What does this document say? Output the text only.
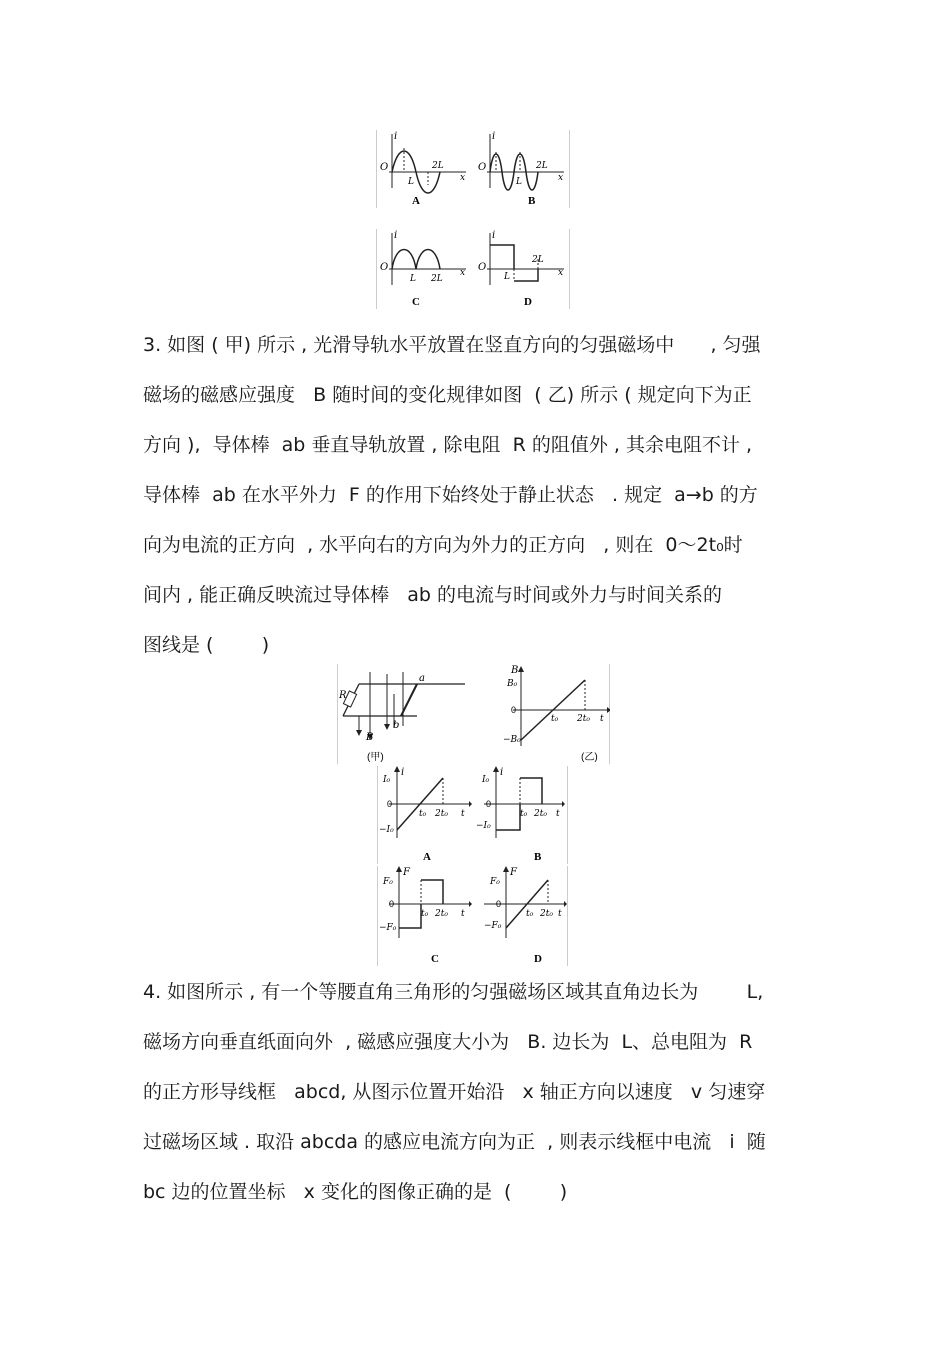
O
i
L
2L
x
A
O
i
L
2L
x
B
O
i
L 2L
x
C
O
i
L
2L
x
D
3. 如图 ( 甲) 所示 , 光滑导轨水平放置在竖直方向的匀强磁场中      , 匀强
磁场的磁感应强度   B 随时间的变化规律如图  ( 乙) 所示 ( 规定向下为正
方向 ),  导体棒  ab 垂直导轨放置 , 除电阻  R 的阻值外 , 其余电阻不计 ,
导体棒  ab 在水平外力  F 的作用下始终处于静止状态   . 规定  a→b 的方
向为电流的正方向  , 水平向右的方向为外力的正方向   , 则在  0～2t₀时
间内 , 能正确反映流过导体棒   ab 的电流与时间或外力与时间关系的
图线是 (        )
R
a
b
B
(甲)
B
B₀
0
−B₀
t₀ 2t₀ t
(乙)
i
I₀
0
−I₀
t₀ 2t₀ t
A
i
I₀
0
−I₀
t₀ 2t₀ t
B
F
F₀
0
−F₀
t₀ 2t₀ t
C
F
F₀
0
−F₀
t₀ 2t₀ t
D
4. 如图所示 , 有一个等腰直角三角形的匀强磁场区域其直角边长为        L,
磁场方向垂直纸面向外  , 磁感应强度大小为   B. 边长为  L、总电阻为  R
的正方形导线框   abcd, 从图示位置开始沿   x 轴正方向以速度   v 匀速穿
过磁场区域 . 取沿 abcda 的感应电流方向为正  , 则表示线框中电流   i  随
bc 边的位置坐标   x 变化的图像正确的是  (        )
